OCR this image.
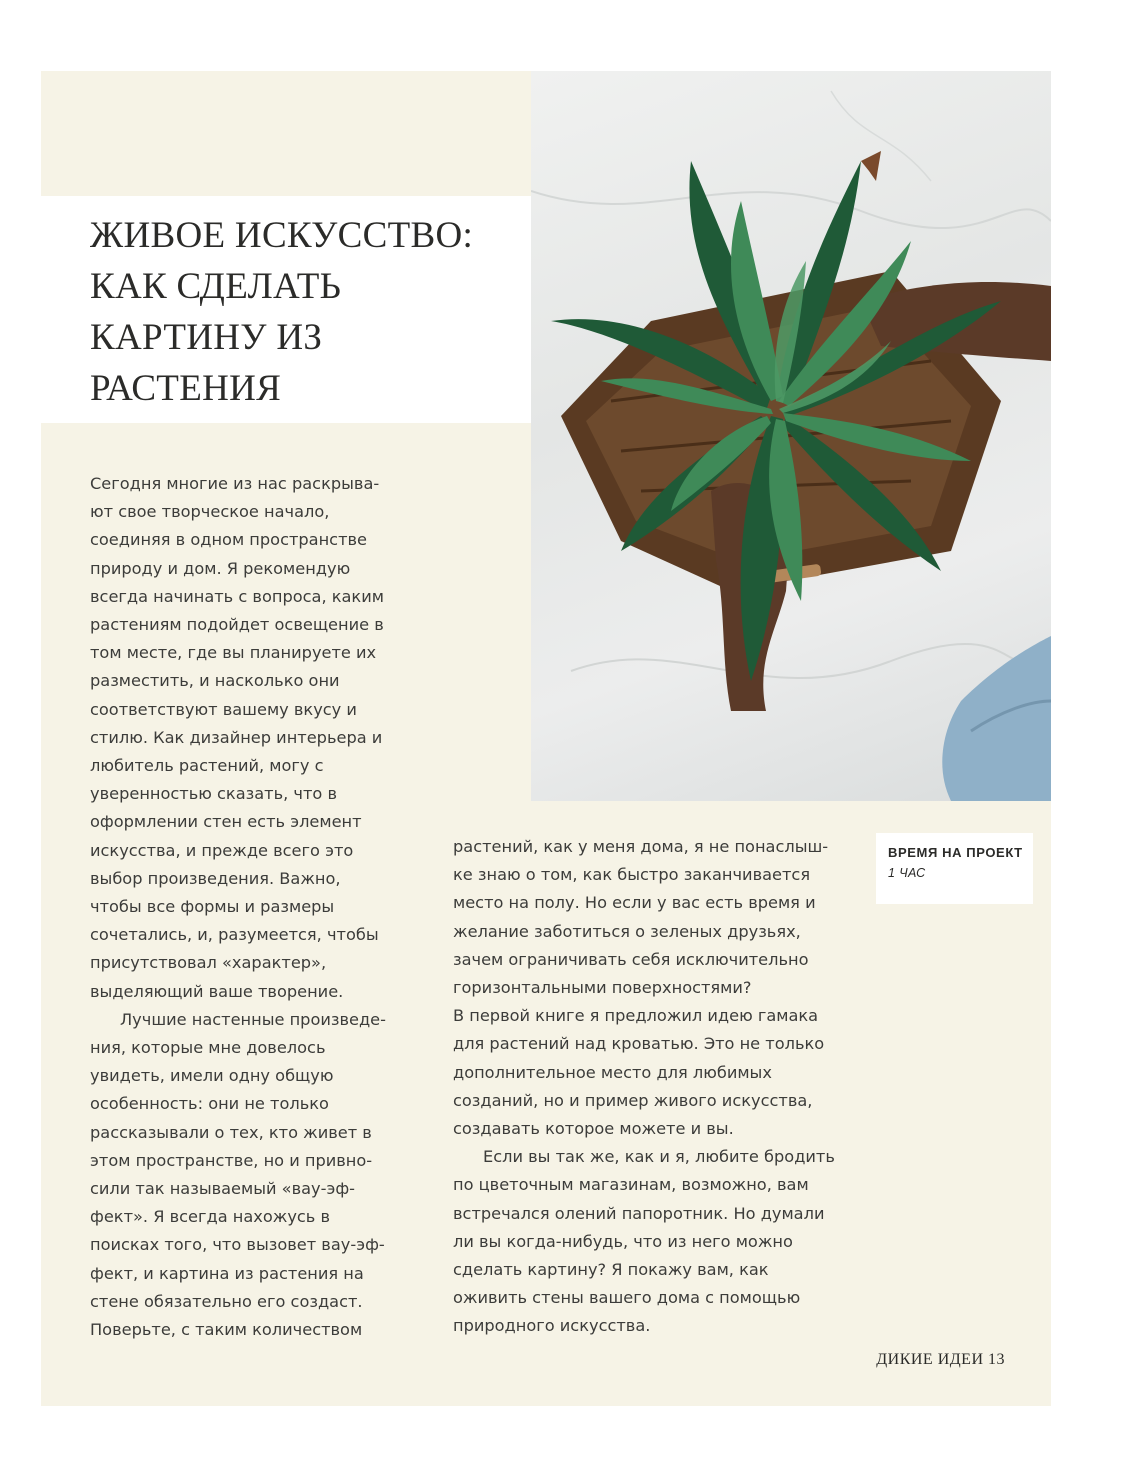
ЖИВОЕ ИСКУССТВО:
КАК СДЕЛАТЬ
КАРТИНУ ИЗ
РАСТЕНИЯ

Сегодня многие из нас раскрыва-
ют свое творческое начало,
соединяя в одном пространстве
природу и дом. Я рекомендую
всегда начинать с вопроса, каким
растениям подойдет освещение в
том месте, где вы планируете их
разместить, и насколько они
соответствуют вашему вкусу и
стилю. Как дизайнер интерьера и
любитель растений, могу с
уверенностью сказать, что в
оформлении стен есть элемент
искусства, и прежде всего это
выбор произведения. Важно,
чтобы все формы и размеры
сочетались, и, разумеется, чтобы
присутствовал «характер»,
выделяющий ваше творение.

Лучшие настенные произведе-
ния, которые мне довелось
увидеть, имели одну общую
особенность: они не только
рассказывали о тех, кто живет в
этом пространстве, но и привно-
сили так называемый «вау-эф-
фект». Я всегда нахожусь в
поисках того, что вызовет вау-эф-
фект, и картина из растения на
стене обязательно его создаст.
Поверьте, с таким количеством

растений, как у меня дома, я не понаслыш-
ке знаю о том, как быстро заканчивается
место на полу. Но если у вас есть время и
желание заботиться о зеленых друзьях,
зачем ограничивать себя исключительно
горизонтальными поверхностями?
В первой книге я предложил идею гамака
для растений над кроватью. Это не только
дополнительное место для любимых
созданий, но и пример живого искусства,
создавать которое можете и вы.

Если вы так же, как и я, любите бродить
по цветочным магазинам, возможно, вам
встречался олений папоротник. Но думали
ли вы когда-нибудь, что из него можно
сделать картину? Я покажу вам, как
оживить стены вашего дома с помощью
природного искусства.

ВРЕМЯ НА ПРОЕКТ
1 ЧАС
ДИКИЕ ИДЕИ 13
